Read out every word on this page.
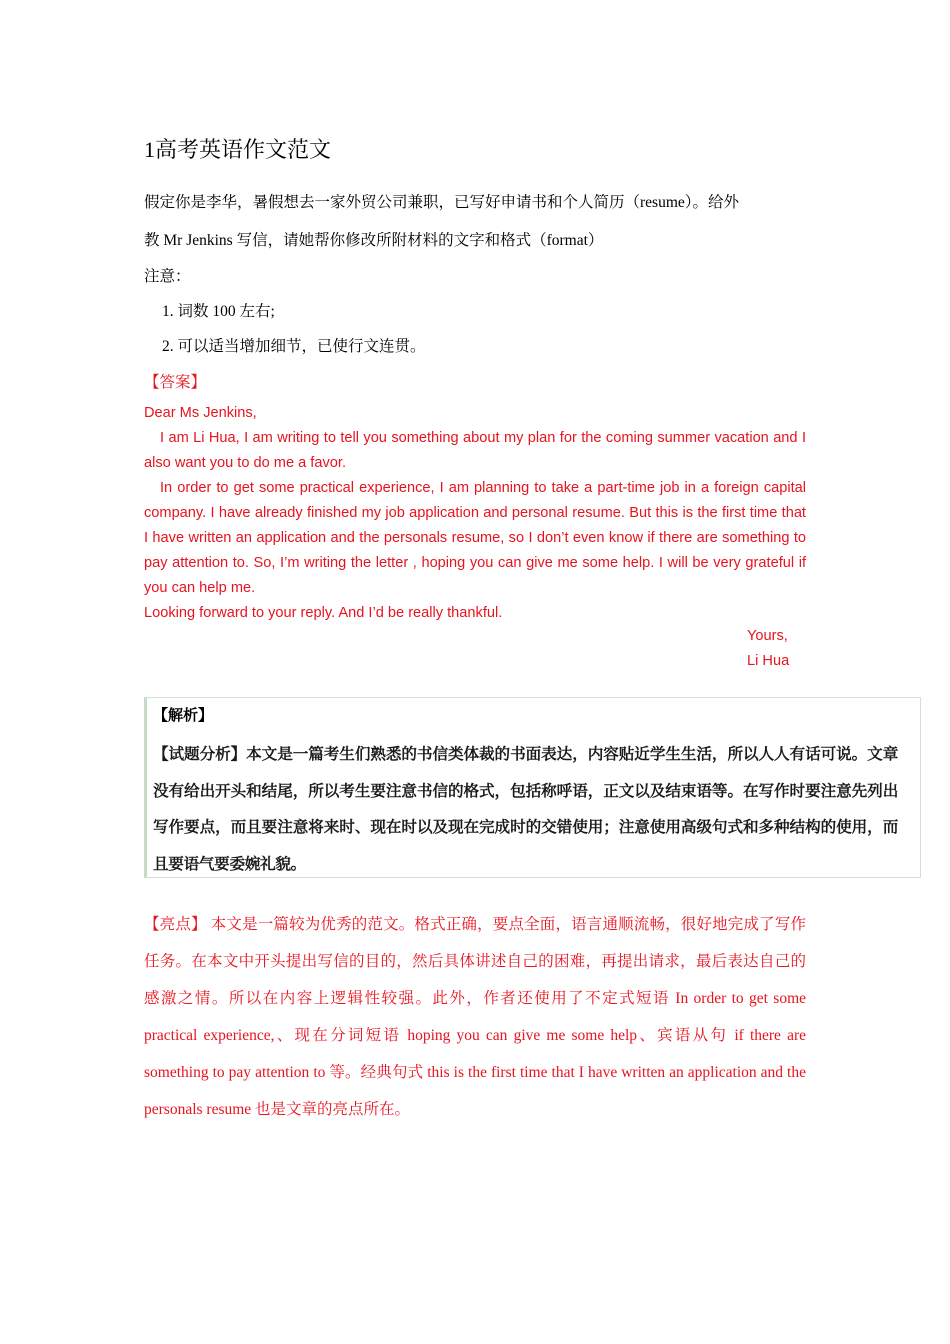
1高考英语作文范文
假定你是李华，暑假想去一家外贸公司兼职，已写好申请书和个人简历（resume）。给外
教 Mr Jenkins 写信，请她帮你修改所附材料的文字和格式（format）
注意：
1. 词数 100 左右;
2. 可以适当增加细节，已使行文连贯。
【答案】

Dear Ms Jenkins,

I am Li Hua, I am writing to tell you something about my plan for the coming summer vacation and I also want you to do me a favor.

In order to get some practical experience, I am planning to take a part-time job in a foreign capital company. I have already finished my job application and personal resume. But this is the first time that I have written an application and the personals resume, so I don’t even know if there are something to pay attention to. So, I’m writing the letter , hoping you can give me some help. I will be very grateful if you can help me.

Looking forward to your reply. And I’d be really thankful.

Yours,
Li Hua
【解析】
【试题分析】本文是一篇考生们熟悉的书信类体裁的书面表达，内容贴近学生生活，所以人人有话可说。文章没有给出开头和结尾，所以考生要注意书信的格式，包括称呼语，正文以及结束语等。在写作时要注意先列出写作要点，而且要注意将来时、现在时以及现在完成时的交错使用；注意使用高级句式和多种结构的使用，而且要语气要委婉礼貌。
【亮点】 本文是一篇较为优秀的范文。格式正确，要点全面，语言通顺流畅，很好地完成了写作任务。在本文中开头提出写信的目的，然后具体讲述自己的困难，再提出请求，最后表达自己的感激之情。所以在内容上逻辑性较强。此外，作者还使用了不定式短语 In order to get some practical experience,、现在分词短语 hoping you can give me some help、宾语从句 if there are something to pay attention to 等。经典句式 this is the first time that I have written an application and the personals resume 也是文章的亮点所在。
